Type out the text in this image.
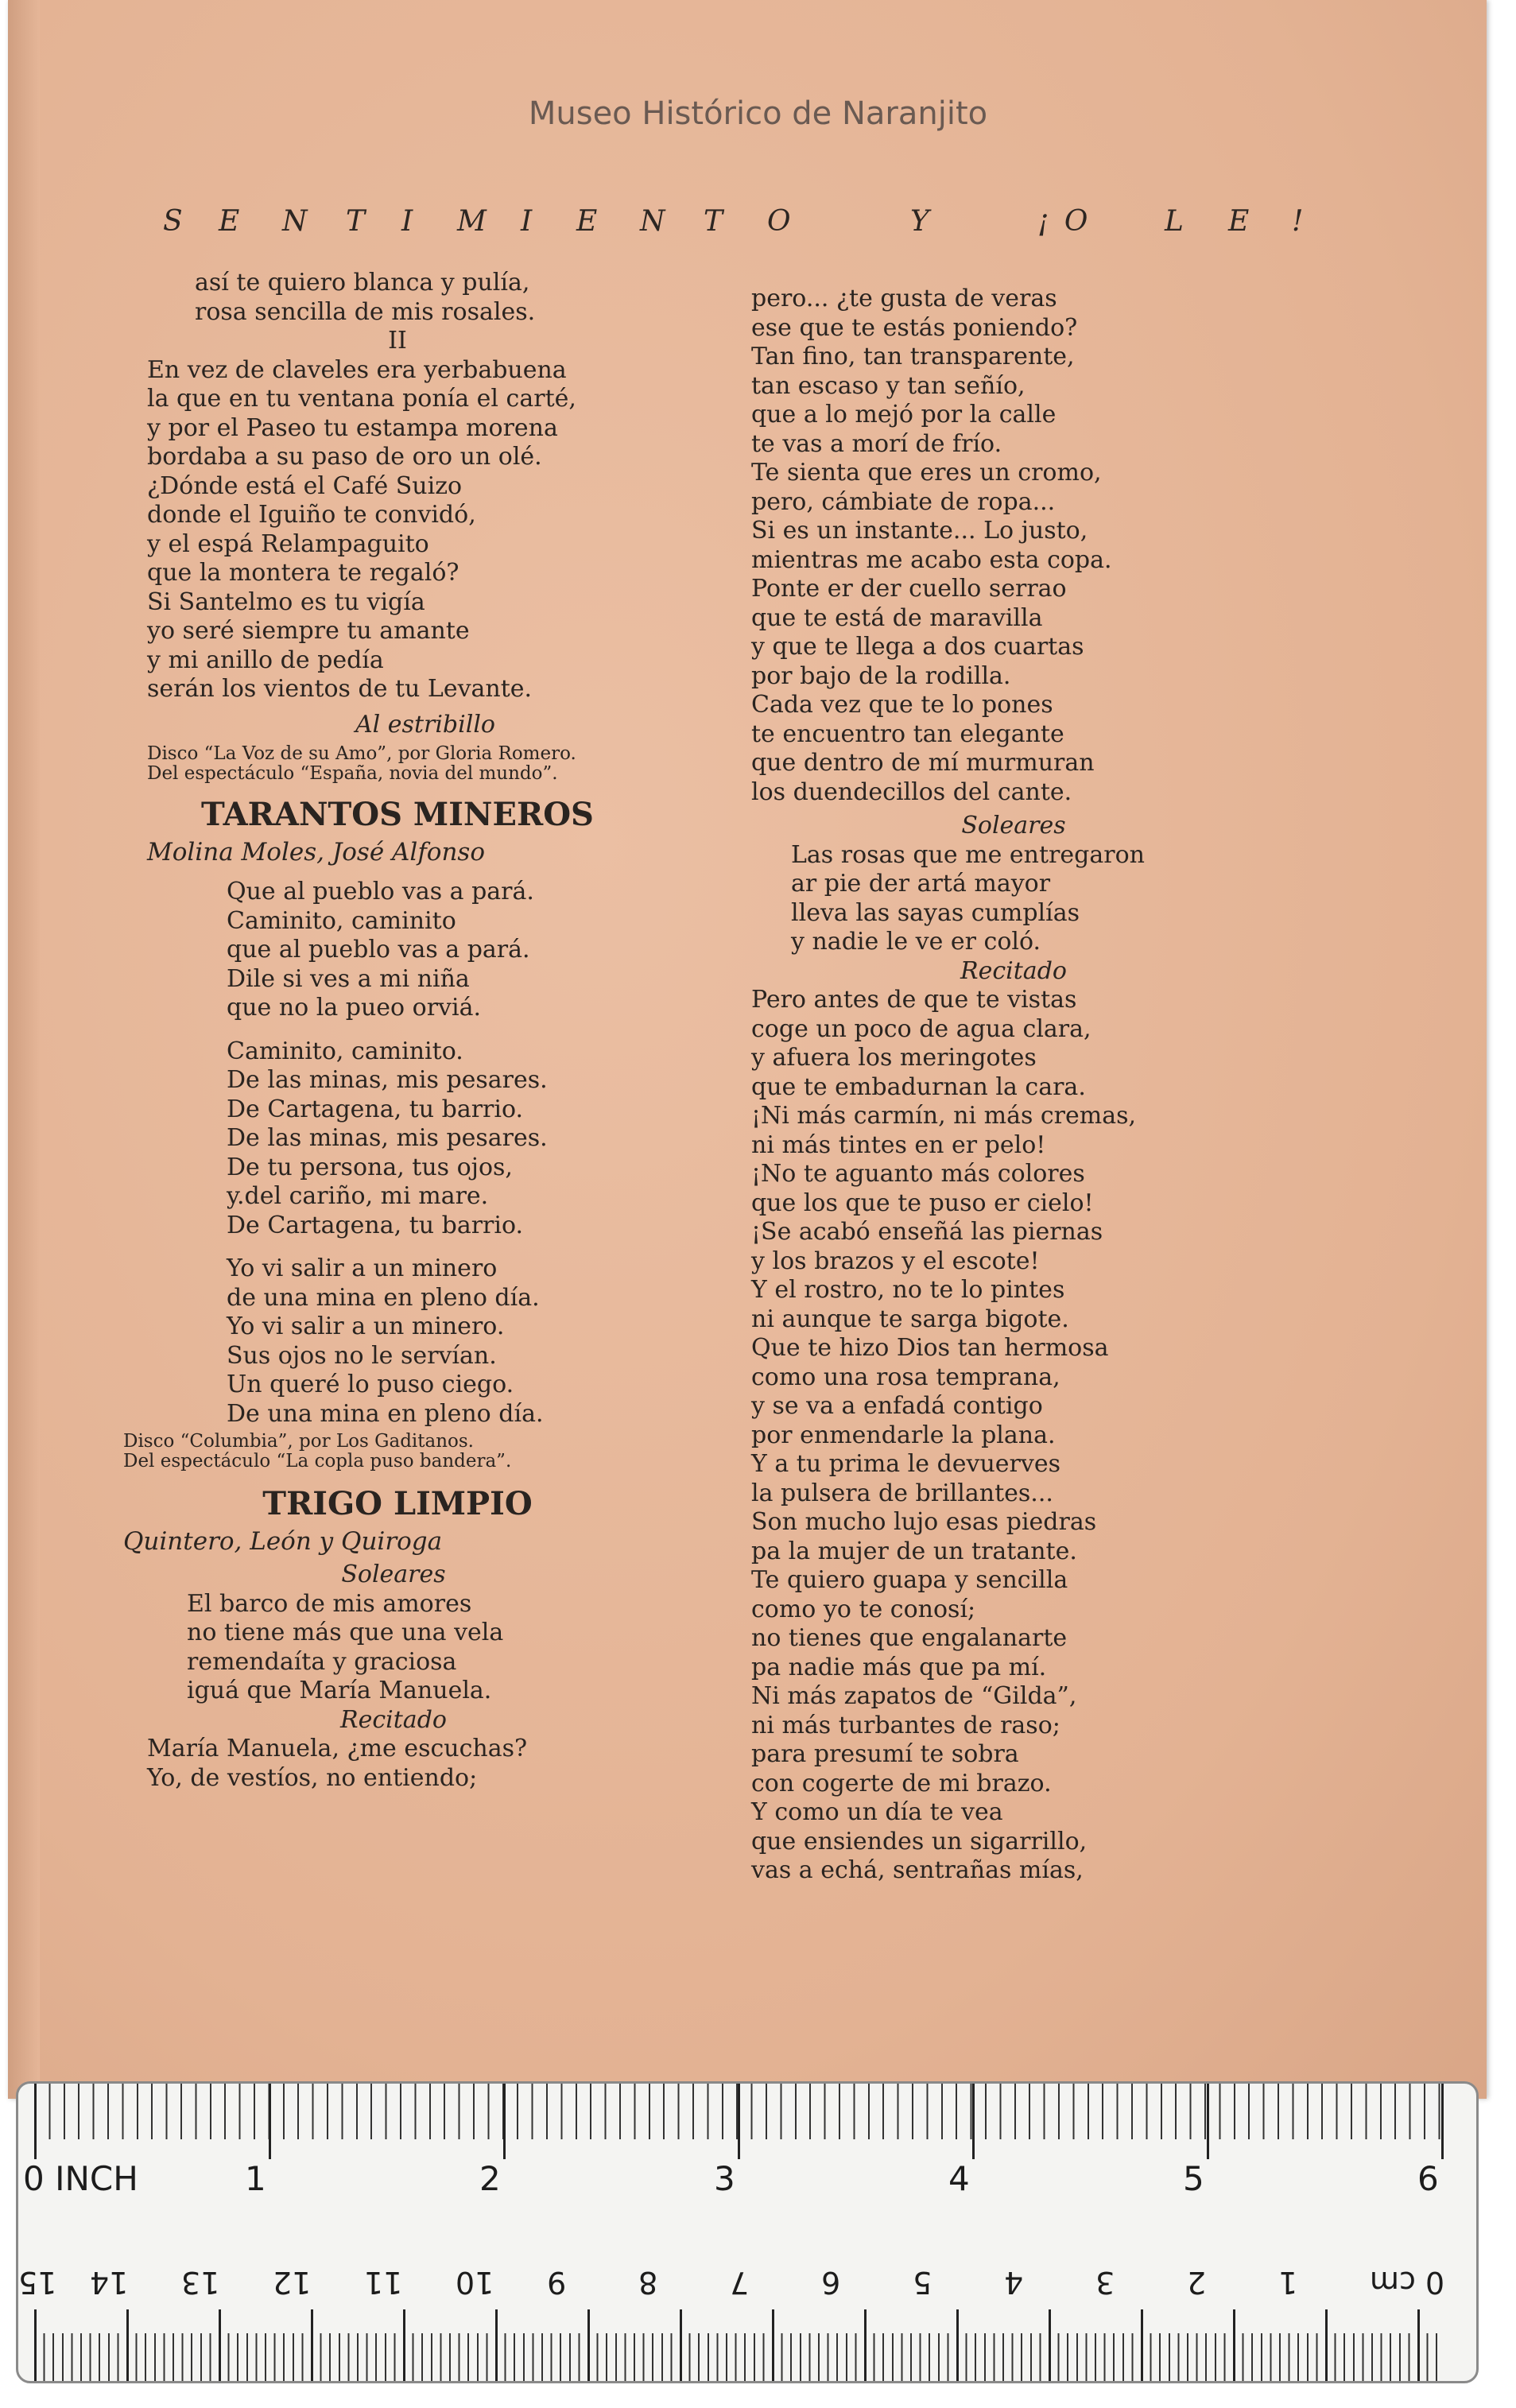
Museo Histórico de Naranjito
S E N T I M I E N T O	Y	¡ O	L E !
así te quiero blanca y pulía,
rosa sencilla de mis rosales.
II
En vez de claveles era yerbabuena
la que en tu ventana ponía el carté,
y por el Paseo tu estampa morena
bordaba a su paso de oro un olé.
¿Dónde está el Café Suizo
donde el Iguiño te convidó,
y el espá Relampaguito
que la montera te regaló?
Si Santelmo es tu vigía
yo seré siempre tu amante
y mi anillo de pedía
serán los vientos de tu Levante.
Al estribillo
Disco “La Voz de su Amo”, por Gloria Romero.
Del espectáculo “España, novia del mundo”.
TARANTOS MINEROS
Molina Moles, José Alfonso
Que al pueblo vas a pará.
Caminito, caminito
que al pueblo vas a pará.
Dile si ves a mi niña
que no la pueo orviá.
Caminito, caminito.
De las minas, mis pesares.
De Cartagena, tu barrio.
De las minas, mis pesares.
De tu persona, tus ojos,
y.del cariño, mi mare.
De Cartagena, tu barrio.
Yo vi salir a un minero
de una mina en pleno día.
Yo vi salir a un minero.
Sus ojos no le servían.
Un queré lo puso ciego.
De una mina en pleno día.
Disco “Columbia”, por Los Gaditanos.
Del espectáculo “La copla puso bandera”.
TRIGO LIMPIO
Quintero, León y Quiroga
Soleares
El barco de mis amores
no tiene más que una vela
remendaíta y graciosa
iguá que María Manuela.
Recitado
María Manuela, ¿me escuchas?
Yo, de vestíos, no entiendo;
pero... ¿te gusta de veras
ese que te estás poniendo?
Tan fino, tan transparente,
tan escaso y tan señío,
que a lo mejó por la calle
te vas a morí de frío.
Te sienta que eres un cromo,
pero, cámbiate de ropa...
Si es un instante... Lo justo,
mientras me acabo esta copa.
Ponte er der cuello serrao
que te está de maravilla
y que te llega a dos cuartas
por bajo de la rodilla.
Cada vez que te lo pones
te encuentro tan elegante
que dentro de mí murmuran
los duendecillos del cante.
Soleares
Las rosas que me entregaron
ar pie der artá mayor
lleva las sayas cumplías
y nadie le ve er coló.
Recitado
Pero antes de que te vistas
coge un poco de agua clara,
y afuera los meringotes
que te embadurnan la cara.
¡Ni más carmín, ni más cremas,
ni más tintes en er pelo!
¡No te aguanto más colores
que los que te puso er cielo!
¡Se acabó enseñá las piernas
y los brazos y el escote!
Y el rostro, no te lo pintes
ni aunque te sarga bigote.
Que te hizo Dios tan hermosa
como una rosa temprana,
y se va a enfadá contigo
por enmendarle la plana.
Y a tu prima le devuerves
la pulsera de brillantes...
Son mucho lujo esas piedras
pa la mujer de un tratante.
Te quiero guapa y sencilla
como yo te conosí;
no tienes que engalanarte
pa nadie más que pa mí.
Ni más zapatos de “Gilda”,
ni más turbantes de raso;
para presumí te sobra
con cogerte de mi brazo.
Y como un día te vea
que ensiendes un sigarrillo,
vas a echá, sentrañas mías,
0 INCH	1	2	3	4	5	6
0 cm
1
2
3
4
5
6
7
8
9
10
11
12
13
14
15
